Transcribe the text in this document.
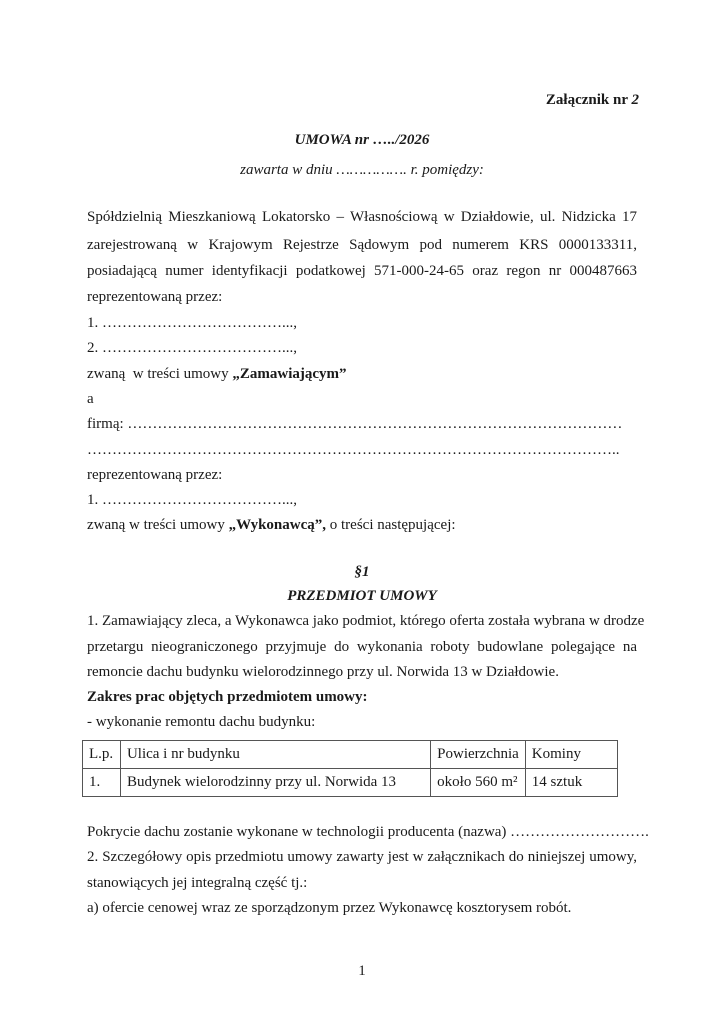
Załącznik nr 2
UMOWA nr …../2026
zawarta w dniu ……………. r. pomiędzy:
Spółdzielnią Mieszkaniową Lokatorsko – Własnościową w Działdowie, ul. Nidzicka 17
zarejestrowaną w Krajowym Rejestrze Sądowym pod numerem KRS 0000133311,
posiadającą numer identyfikacji podatkowej 571-000-24-65 oraz regon nr 000487663
reprezentowaną przez:
1. ………………………………...,
2. ………………………………...,
zwaną  w treści umowy „Zamawiającym”
a
firmą: ………………………………………………………………………………………
……………………………………………………………………………………………..
reprezentowaną przez:
1. ………………………………...,
zwaną w treści umowy „Wykonawcą”, o treści następującej:
§1
PRZEDMIOT UMOWY
1. Zamawiający zleca, a Wykonawca jako podmiot, którego oferta została wybrana w drodze
przetargu nieograniczonego przyjmuje do wykonania roboty budowlane polegające na
remoncie dachu budynku wielorodzinnego przy ul. Norwida 13 w Działdowie.
Zakres prac objętych przedmiotem umowy:
- wykonanie remontu dachu budynku:
L.p.	Ulica i nr budynku	Powierzchnia	Kominy
1.	Budynek wielorodzinny przy ul. Norwida 13	około 560 m²	14 sztuk
Pokrycie dachu zostanie wykonane w technologii producenta (nazwa) ……………………….
2. Szczegółowy opis przedmiotu umowy zawarty jest w załącznikach do niniejszej umowy,
stanowiących jej integralną część tj.:
a) ofercie cenowej wraz ze sporządzonym przez Wykonawcę kosztorysem robót.
1
